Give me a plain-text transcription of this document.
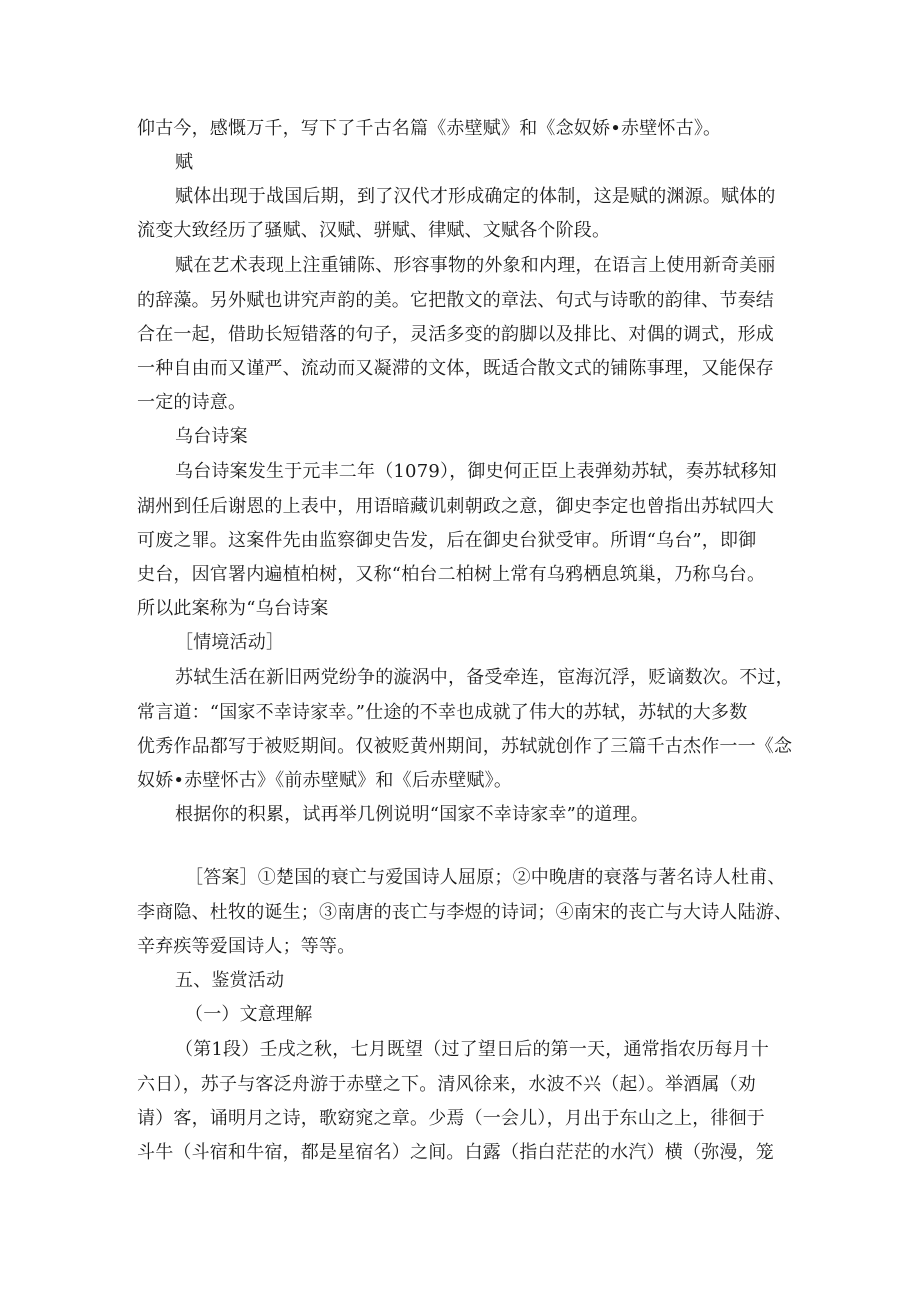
仰古今，感慨万千，写下了千古名篇《赤壁赋》和《念奴娇•赤壁怀古》。
赋
赋体出现于战国后期，到了汉代才形成确定的体制，这是赋的渊源。赋体的
流变大致经历了骚赋、汉赋、骈赋、律赋、文赋各个阶段。
赋在艺术表现上注重铺陈、形容事物的外象和内理，在语言上使用新奇美丽
的辞藻。另外赋也讲究声韵的美。它把散文的章法、句式与诗歌的韵律、节奏结
合在一起，借助长短错落的句子，灵活多变的韵脚以及排比、对偶的调式，形成
一种自由而又谨严、流动而又凝滞的文体，既适合散文式的铺陈事理，又能保存
一定的诗意。
乌台诗案
乌台诗案发生于元丰二年（1079），御史何正臣上表弹劾苏轼，奏苏轼移知
湖州到任后谢恩的上表中，用语暗藏讥刺朝政之意，御史李定也曾指出苏轼四大
可废之罪。这案件先由监察御史告发，后在御史台狱受审。所谓“乌台”，即御
史台，因官署内遍植柏树，又称“柏台二柏树上常有乌鸦栖息筑巢，乃称乌台。
所以此案称为“乌台诗案
［情境活动］
苏轼生活在新旧两党纷争的漩涡中，备受牵连，宦海沉浮，贬谪数次。不过，
常言道：“国家不幸诗家幸。”仕途的不幸也成就了伟大的苏轼，苏轼的大多数
优秀作品都写于被贬期间。仅被贬黄州期间，苏轼就创作了三篇千古杰作一一《念
奴娇•赤壁怀古》《前赤壁赋》和《后赤壁赋》。
根据你的积累，试再举几例说明“国家不幸诗家幸”的道理。
［答案］①楚国的衰亡与爱国诗人屈原；②中晚唐的衰落与著名诗人杜甫、
李商隐、杜牧的诞生；③南唐的丧亡与李煜的诗词；④南宋的丧亡与大诗人陆游、
辛弃疾等爱国诗人；等等。
五、鉴赏活动
（一）文意理解
（第1段）壬戌之秋，七月既望（过了望日后的第一天，通常指农历每月十
六日），苏子与客泛舟游于赤壁之下。清风徐来，水波不兴（起）。举酒属（劝
请）客，诵明月之诗，歌窈窕之章。少焉（一会儿），月出于东山之上，徘徊于
斗牛（斗宿和牛宿，都是星宿名）之间。白露（指白茫茫的水汽）横（弥漫，笼
